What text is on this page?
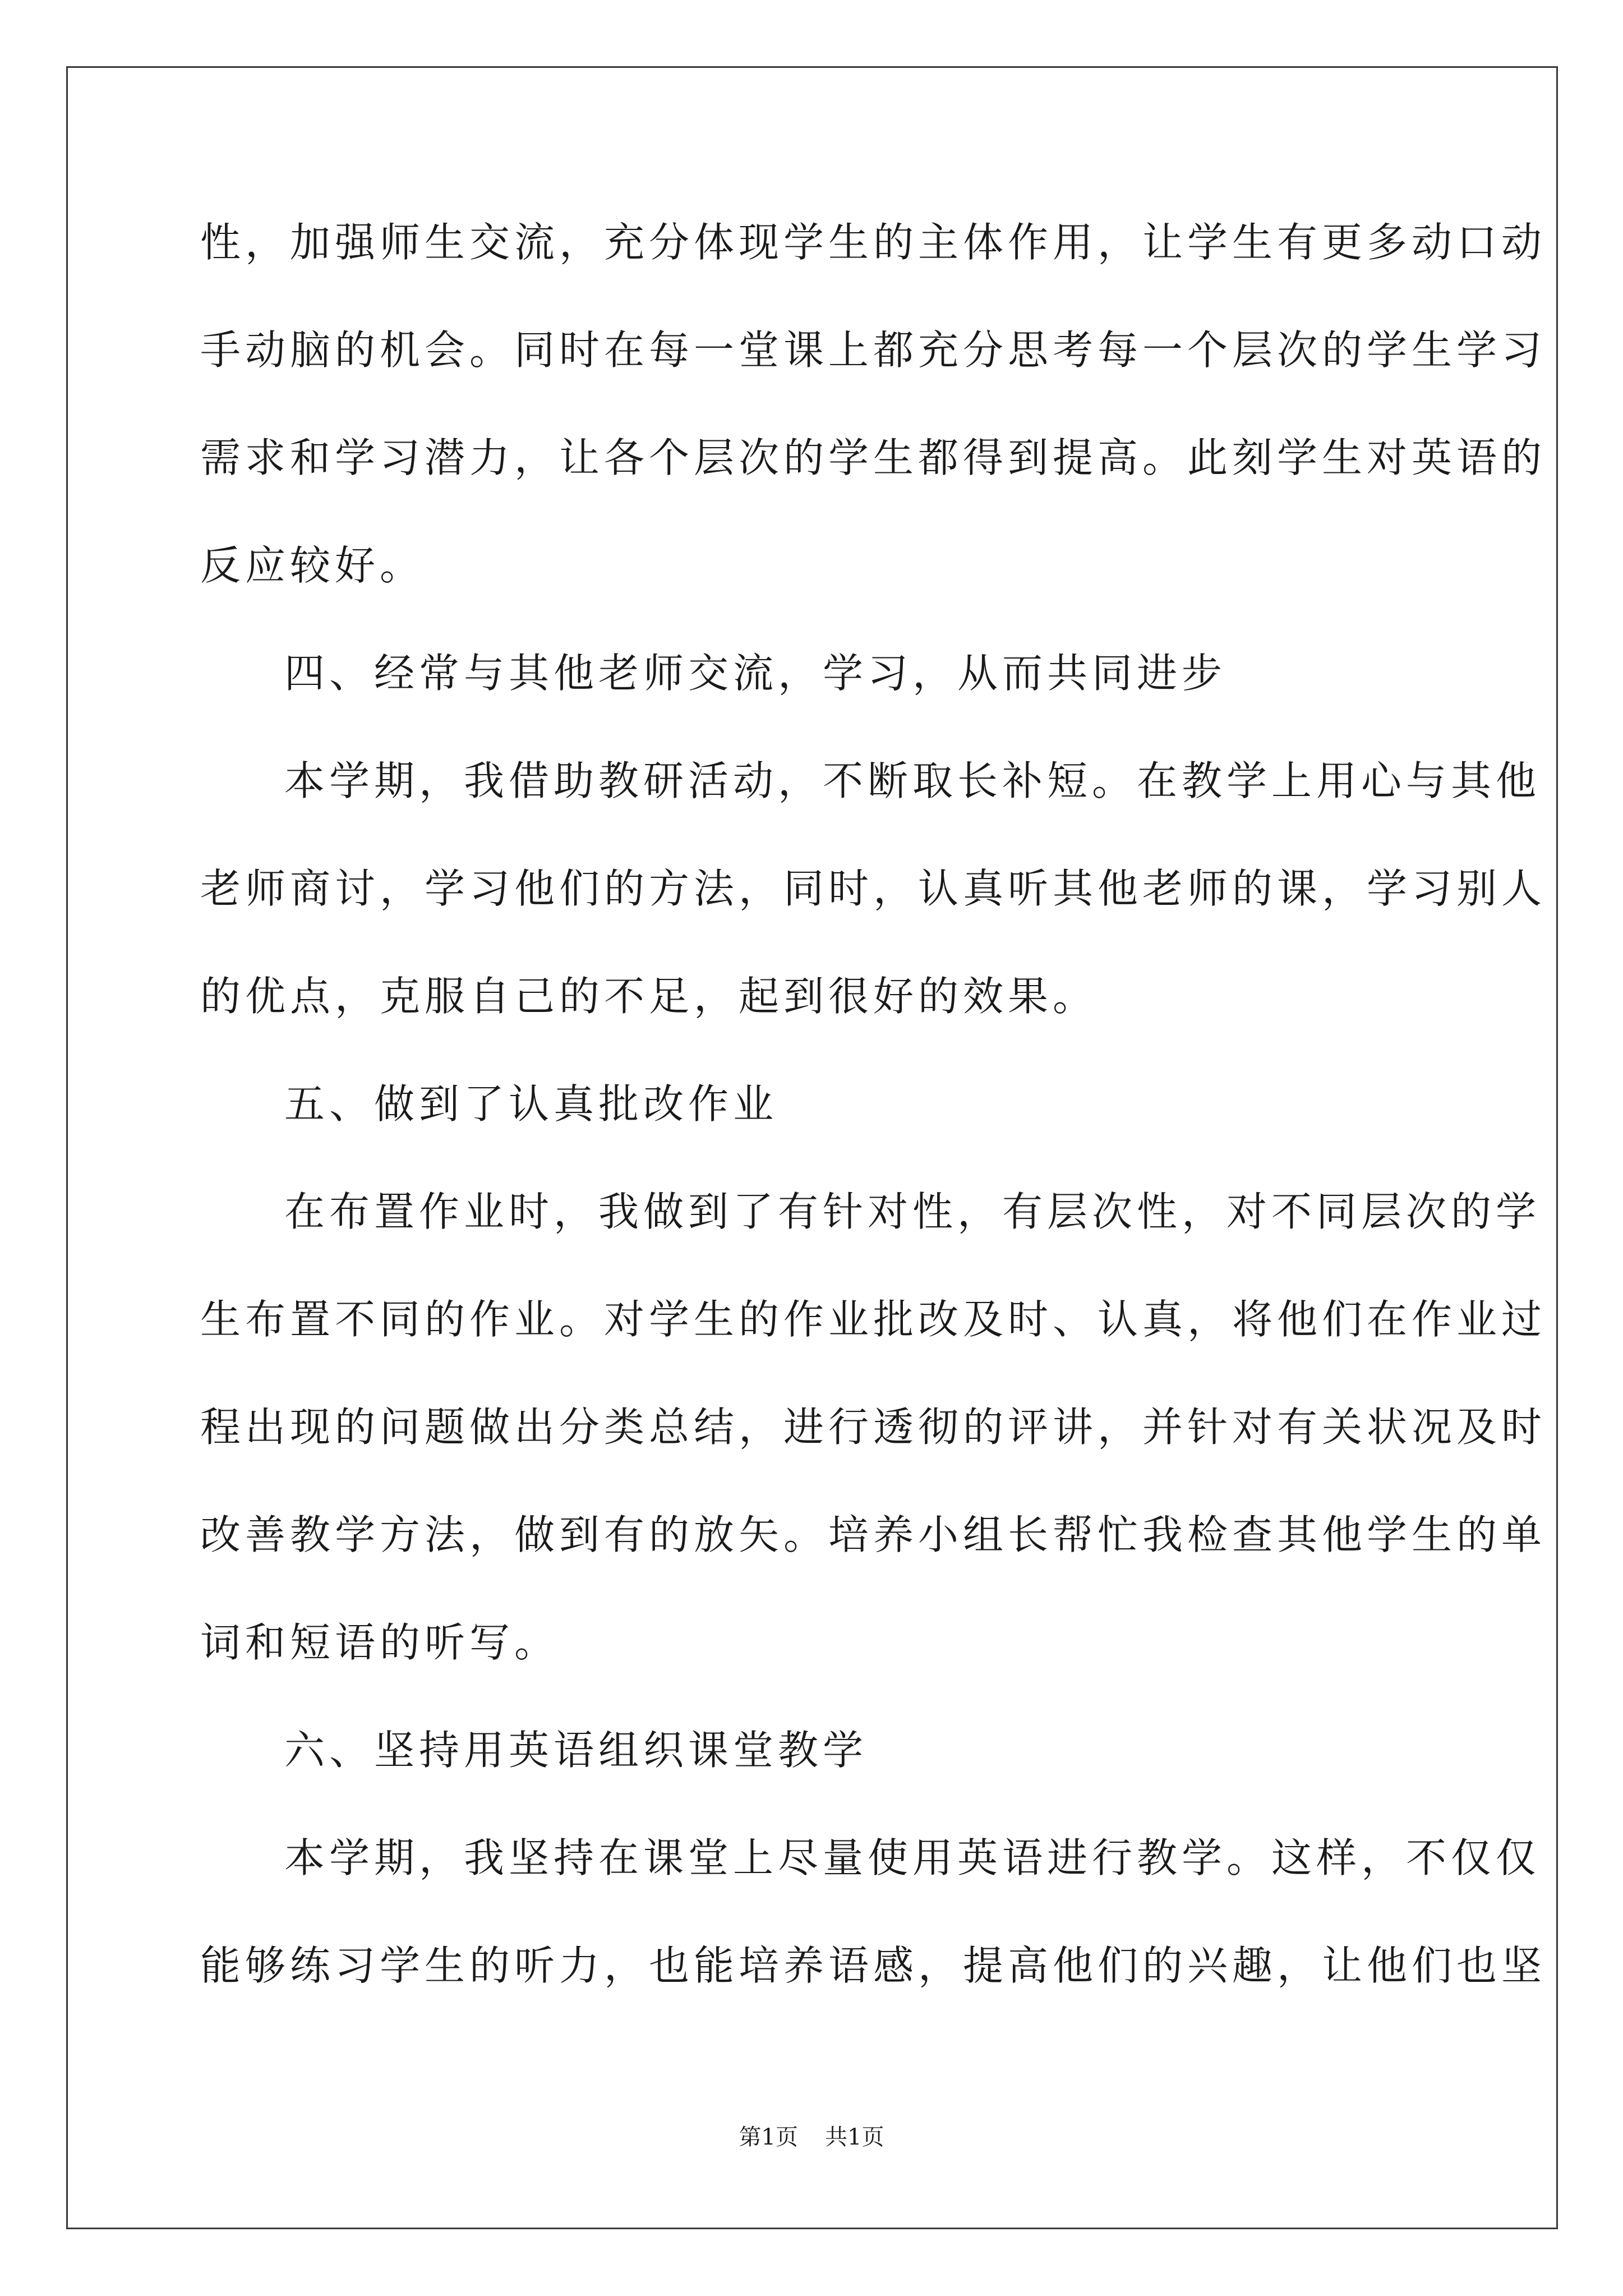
性，加强师生交流，充分体现学生的主体作用，让学生有更多动口动
手动脑的机会。同时在每一堂课上都充分思考每一个层次的学生学习
需求和学习潜力，让各个层次的学生都得到提高。此刻学生对英语的
反应较好。
四、经常与其他老师交流，学习，从而共同进步
本学期，我借助教研活动，不断取长补短。在教学上用心与其他
老师商讨，学习他们的方法，同时，认真听其他老师的课，学习别人
的优点，克服自己的不足，起到很好的效果。
五、做到了认真批改作业
在布置作业时，我做到了有针对性，有层次性，对不同层次的学
生布置不同的作业。对学生的作业批改及时、认真，将他们在作业过
程出现的问题做出分类总结，进行透彻的评讲，并针对有关状况及时
改善教学方法，做到有的放矢。培养小组长帮忙我检查其他学生的单
词和短语的听写。
六、坚持用英语组织课堂教学
本学期，我坚持在课堂上尽量使用英语进行教学。这样，不仅仅
能够练习学生的听力，也能培养语感，提高他们的兴趣，让他们也坚
第1页 共1页
